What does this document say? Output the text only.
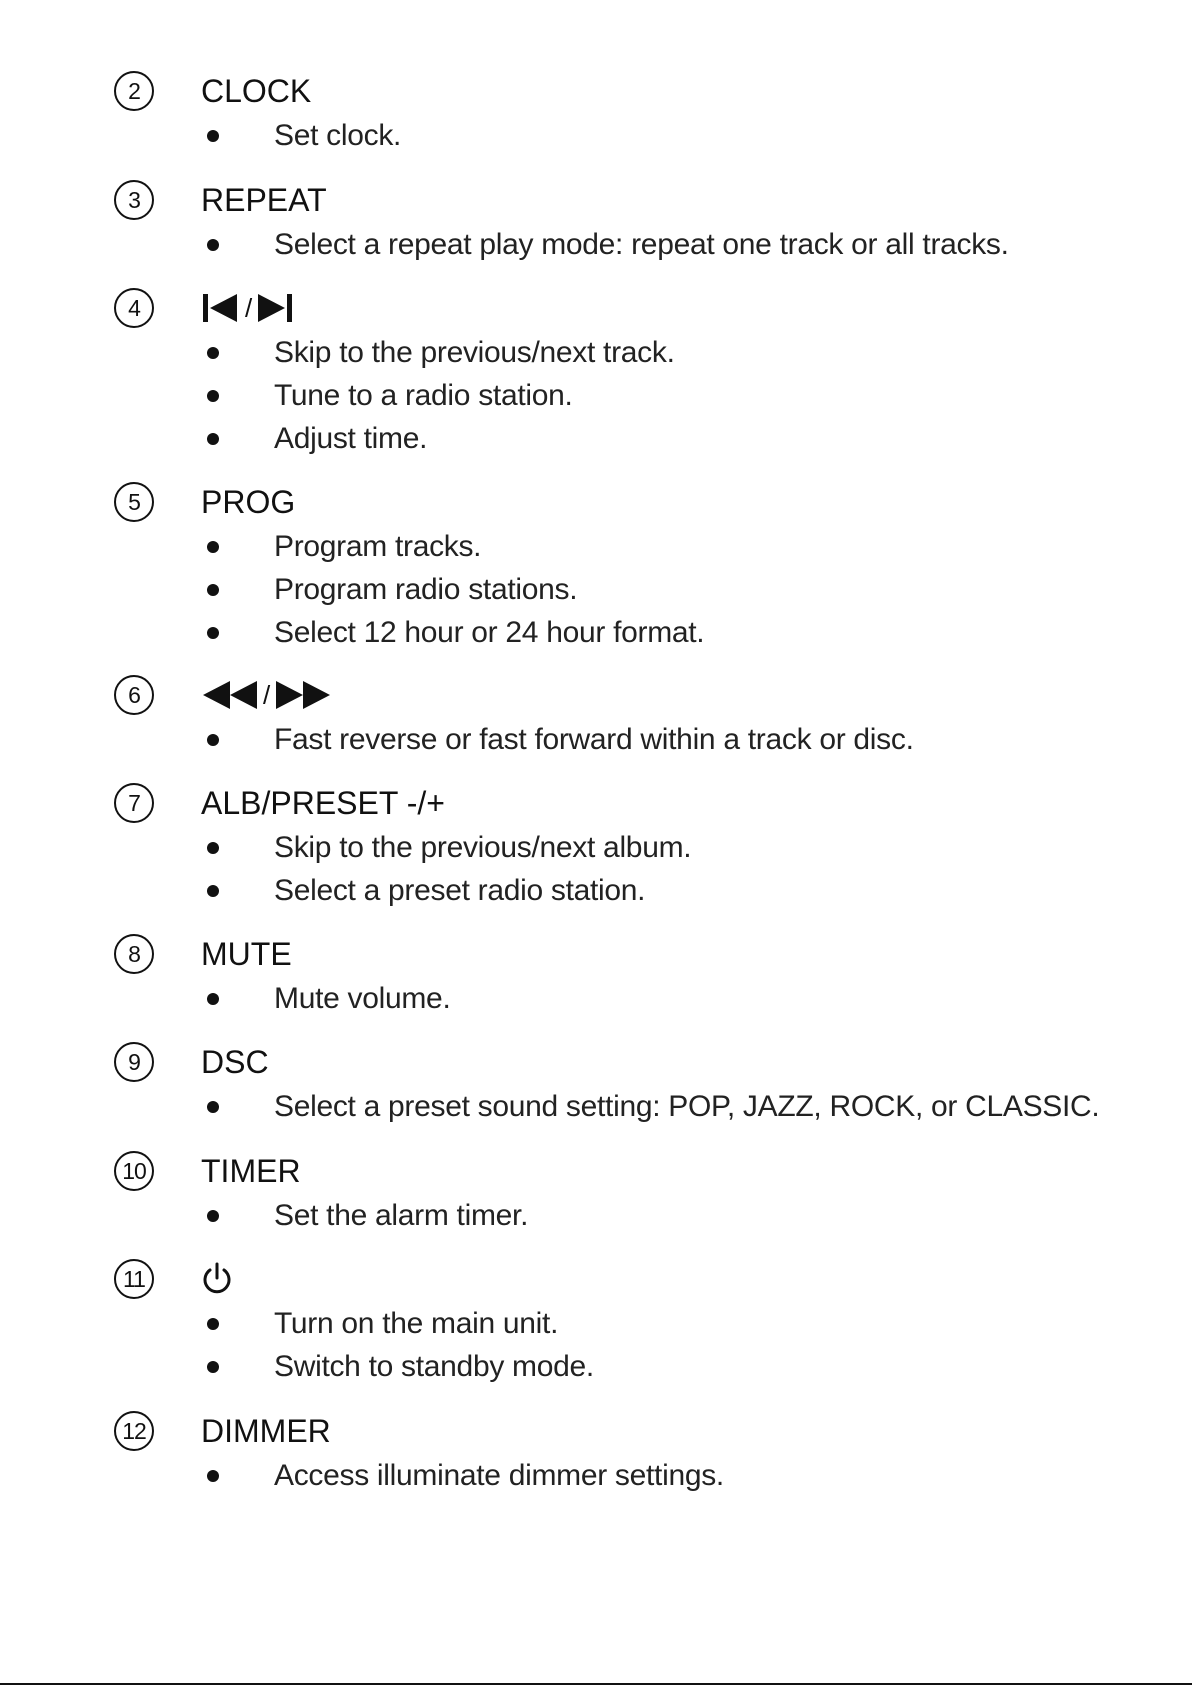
2	CLOCK
Set clock.
3	REPEAT
Select a repeat play mode: repeat one track or all tracks.
4	/
Skip to the previous/next track.
Tune to a radio station.
Adjust time.
5	PROG
Program tracks.
Program radio stations.
Select 12 hour or 24 hour format.
6	/
Fast reverse or fast forward within a track or disc.
7	ALB/PRESET -/+
Skip to the previous/next album.
Select a preset radio station.
8	MUTE
Mute volume.
9	DSC
Select a preset sound setting: POP, JAZZ, ROCK, or CLASSIC.
10 TIMER
Set the alarm timer.
11
Turn on the main unit.
Switch to standby mode.
12 DIMMER
Access illuminate dimmer settings.
